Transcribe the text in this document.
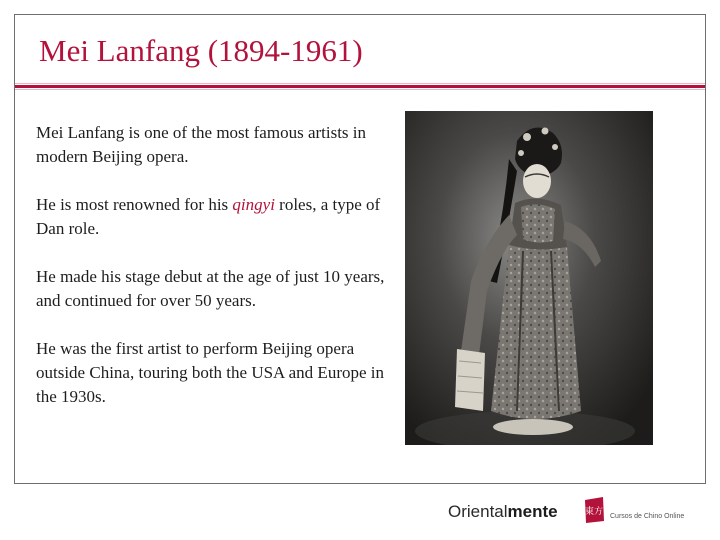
Mei Lanfang (1894-1961)

Mei Lanfang is one of the most famous artists in modern Beijing opera.

He is most renowned for his qingyi roles, a type of Dan role.

He made his stage debut at the age of just 10 years, and continued for over 50 years.

He was the first artist to perform Beijing opera outside China, touring both the USA and Europe in the 1930s.

Orientalmente	東方 Cursos de Chino Online
